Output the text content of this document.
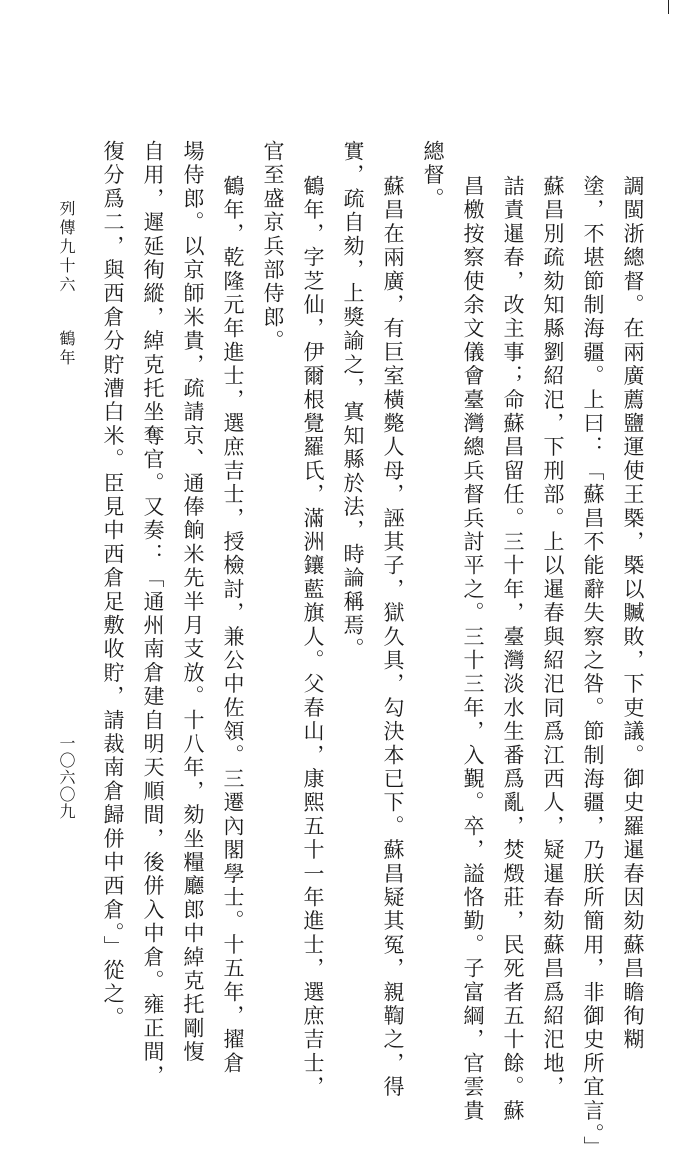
調閩浙總督。在兩廣薦鹽運使王槩，槩以贓敗，下吏議。御史羅暹春因劾蘇昌瞻徇糊
塗，不堪節制海疆。上曰：「蘇昌不能辭失察之咎。節制海疆，乃朕所簡用，非御史所宜言。」
蘇昌別疏劾知縣劉紹汜，下刑部。上以暹春與紹汜同爲江西人，疑暹春劾蘇昌爲紹汜地，
詰責暹春，改主事；命蘇昌留任。三十年，臺灣淡水生番爲亂，焚燬莊，民死者五十餘。蘇
昌檄按察使余文儀會臺灣總兵督兵討平之。三十三年，入覲。卒，謚恪勤。子富綱，官雲貴
總督。
蘇昌在兩廣，有巨室橫斃人母，誣其子，獄久具，勾決本已下。蘇昌疑其冤，親鞫之，得
實，疏自劾，上獎諭之，寘知縣於法，時論稱焉。
鶴年，字芝仙，伊爾根覺羅氏，滿洲鑲藍旗人。父春山，康熙五十一年進士，選庶吉士，
官至盛京兵部侍郎。
鶴年，乾隆元年進士，選庶吉士，授檢討，兼公中佐領。三遷內閣學士。十五年，擢倉
場侍郎。以京師米貴，疏請京、通俸餉米先半月支放。十八年，劾坐糧廳郎中綽克托剛愎
自用，遲延徇縱，綽克托坐奪官。又奏：「通州南倉建自明天順間，後併入中倉。雍正間，
復分爲二，與西倉分貯漕白米。臣見中西倉足敷收貯，請裁南倉歸併中西倉。」從之。
列傳九十六
鶴年
一〇六〇九
